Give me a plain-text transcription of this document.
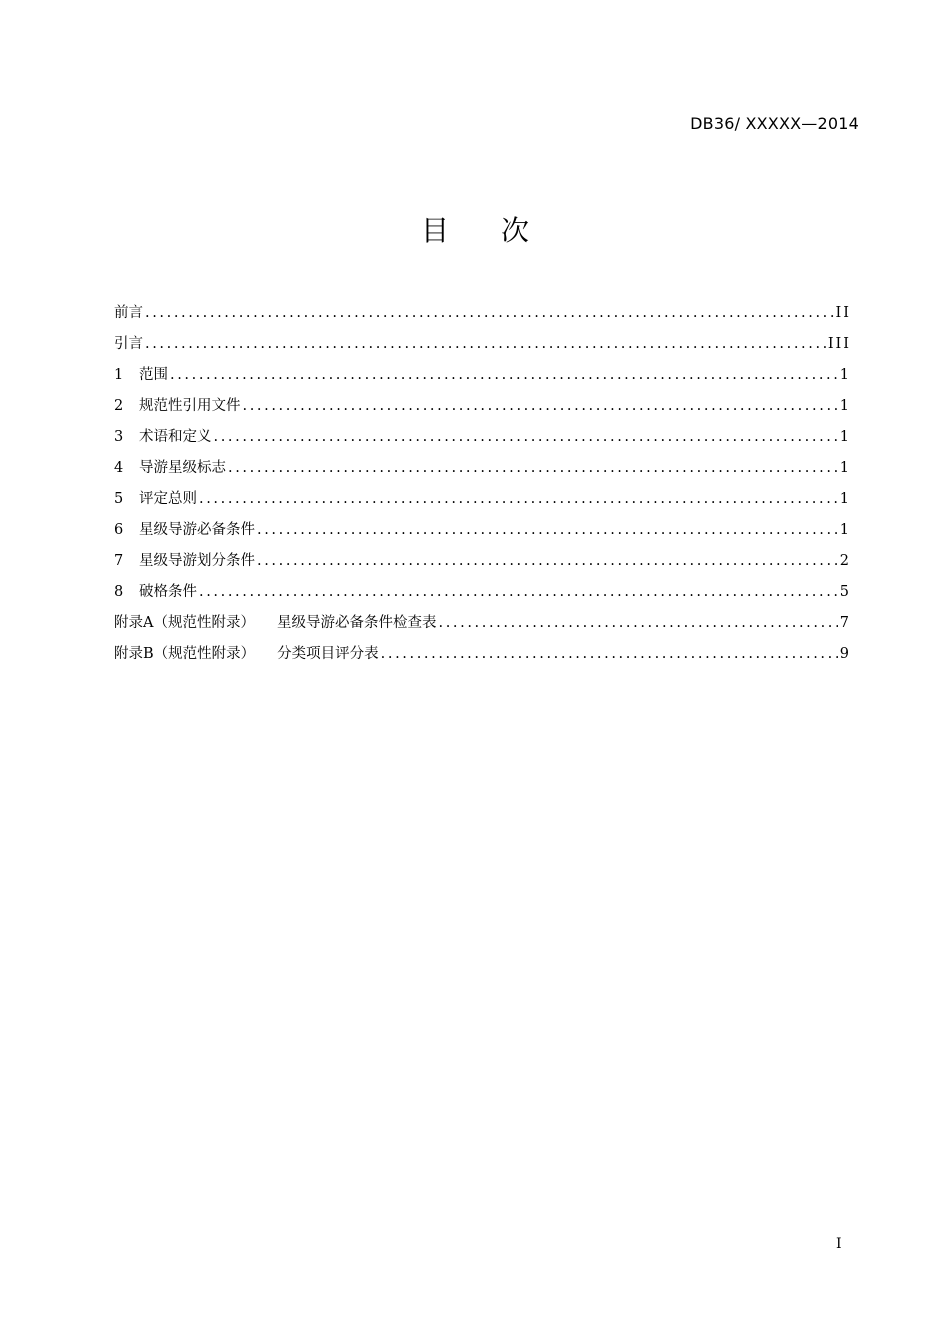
DB36/ XXXXX—2014
目 次
前言 .....	II
引言 .....	III
1	范围 .....	1
2	规范性引用文件 .....	1
3	术语和定义 .....	1
4	导游星级标志 .....	1
5	评定总则 .....	1
6	星级导游必备条件 .....	1
7	星级导游划分条件 .....	2
8	破格条件 .....	5
附录A（规范性附录） 星级导游必备条件检查表 .....	7
附录B（规范性附录） 分类项目评分表 .....	9
I
